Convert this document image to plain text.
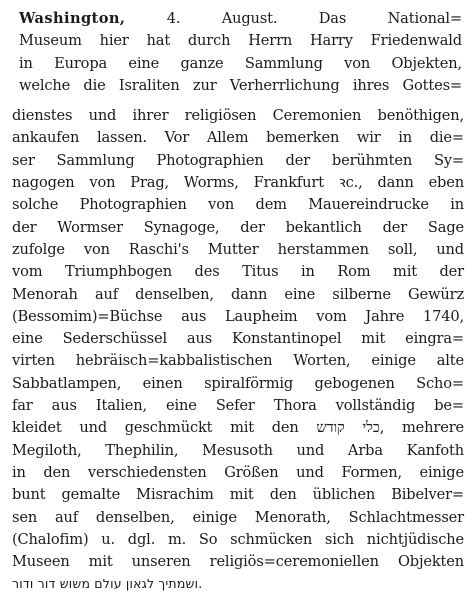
Washington, 4. August. Das National=
Museum hier hat durch Herrn Harry Friedenwald
in Europa eine ganze Sammlung von Objekten,
welche die Israliten zur Verherrlichung ihres Gottes=
dienstes und ihrer religiösen Ceremonien benöthigen,
ankaufen lassen. Vor Allem bemerken wir in die=
ser Sammlung Photographien der berühmten Sy=
nagogen von Prag, Worms, Frankfurt ꝛc., dann eben
solche Photographien von dem Mauereindrucke in
der Wormser Synagoge, der bekantlich der Sage
zufolge von Raschi's Mutter herstammen soll, und
vom Triumphbogen des Titus in Rom mit der
Menorah auf denselben, dann eine silberne Gewürz
(Bessomim)=Büchse aus Laupheim vom Jahre 1740,
eine Sederschüssel aus Konstantinopel mit eingra=
virten hebräisch=kabbalistischen Worten, einige alte
Sabbatlampen, einen spiralförmig gebogenen Scho=
far aus Italien, eine Sefer Thora vollständig be=
kleidet und geschmückt mit den כלי קודש, mehrere
Megiloth, Thephilin, Mesusoth und Arba Kanfoth
in den verschiedensten Größen und Formen, einige
bunt gemalte Misrachim mit den üblichen Bibelver=
sen auf denselben, einige Menorath, Schlachtmesser
(Chalofim) u. dgl. m. So schmücken sich nichtjüdische
Museen mit unseren religiös=ceremoniellen Objekten
ושמתיך לגאון עולם משוש דור ודור.
